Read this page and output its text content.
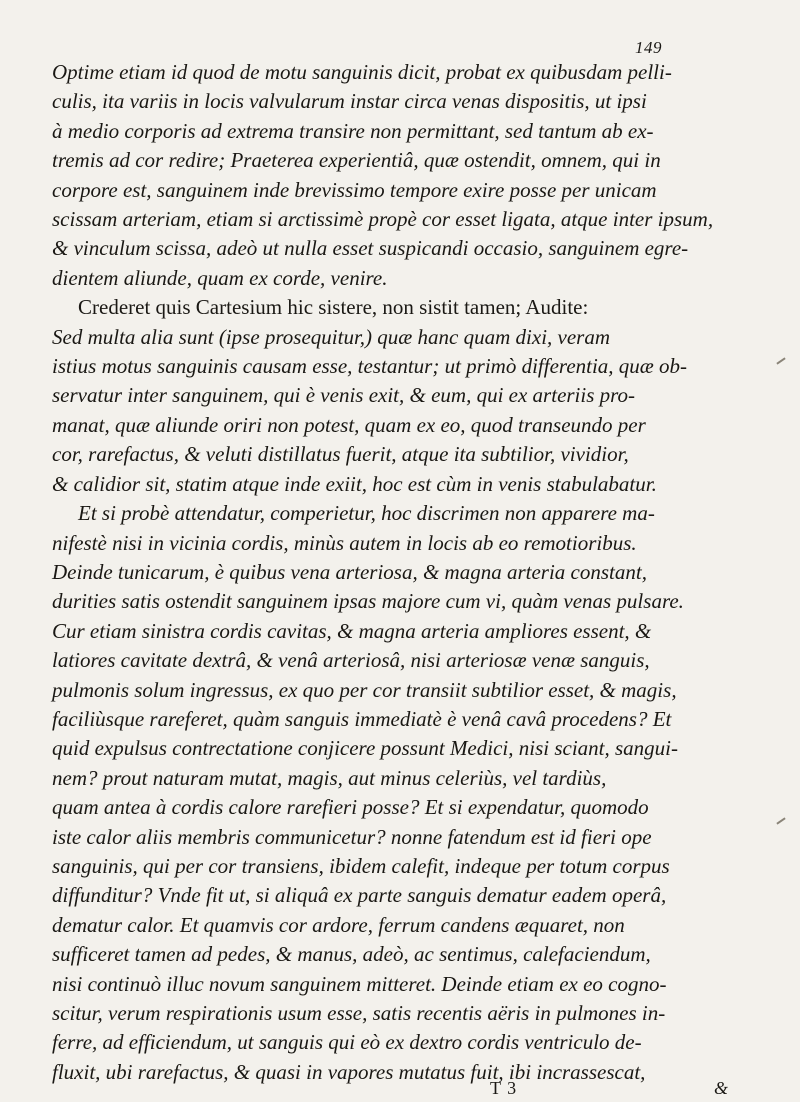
149
Optime etiam id quod de motu sanguinis dicit, probat ex quibusdam pelli-
culis, ita variis in locis valvularum instar circa venas dispositis, ut ipsi
à medio corporis ad extrema transire non permittant, sed tantum ab ex-
tremis ad cor redire; Praeterea experientiâ, quæ ostendit, omnem, qui in
corpore est, sanguinem inde brevissimo tempore exire posse per unicam
scissam arteriam, etiam si arctissimè propè cor esset ligata, atque inter ipsum,
& vinculum scissa, adeò ut nulla esset suspicandi occasio, sanguinem egre-
dientem aliunde, quam ex corde, venire.
Crederet quis Cartesium hic sistere, non sistit tamen; Audite:
Sed multa alia sunt (ipse prosequitur,) quæ hanc quam dixi, veram
istius motus sanguinis causam esse, testantur; ut primò differentia, quæ ob-
servatur inter sanguinem, qui è venis exit, & eum, qui ex arteriis pro-
manat, quæ aliunde oriri non potest, quam ex eo, quod transeundo per
cor, rarefactus, & veluti distillatus fuerit, atque ita subtilior, vividior,
& calidior sit, statim atque inde exiit, hoc est cùm in venis stabulabatur.
Et si probè attendatur, comperietur, hoc discrimen non apparere ma-
nifestè nisi in vicinia cordis, minùs autem in locis ab eo remotioribus.
Deinde tunicarum, è quibus vena arteriosa, & magna arteria constant,
durities satis ostendit sanguinem ipsas majore cum vi, quàm venas pulsare.
Cur etiam sinistra cordis cavitas, & magna arteria ampliores essent, &
latiores cavitate dextrâ, & venâ arteriosâ, nisi arteriosæ venæ sanguis,
pulmonis solum ingressus, ex quo per cor transiit subtilior esset, & magis,
faciliùsque rareferet, quàm sanguis immediatè è venâ cavâ procedens? Et
quid expulsus contrectatione conjicere possunt Medici, nisi sciant, sangui-
nem? prout naturam mutat, magis, aut minus celeriùs, vel tardiùs,
quam antea à cordis calore rarefieri posse? Et si expendatur, quomodo
iste calor aliis membris communicetur? nonne fatendum est id fieri ope
sanguinis, qui per cor transiens, ibidem calefit, indeque per totum corpus
diffunditur? Vnde fit ut, si aliquâ ex parte sanguis dematur eadem operâ,
dematur calor. Et quamvis cor ardore, ferrum candens æquaret, non
sufficeret tamen ad pedes, & manus, adeò, ac sentimus, calefaciendum,
nisi continuò illuc novum sanguinem mitteret. Deinde etiam ex eo cogno-
scitur, verum respirationis usum esse, satis recentis aëris in pulmones in-
ferre, ad efficiendum, ut sanguis qui eò ex dextro cordis ventriculo de-
fluxit, ubi rarefactus, & quasi in vapores mutatus fuit, ibi incrassescat,
T 3	&
